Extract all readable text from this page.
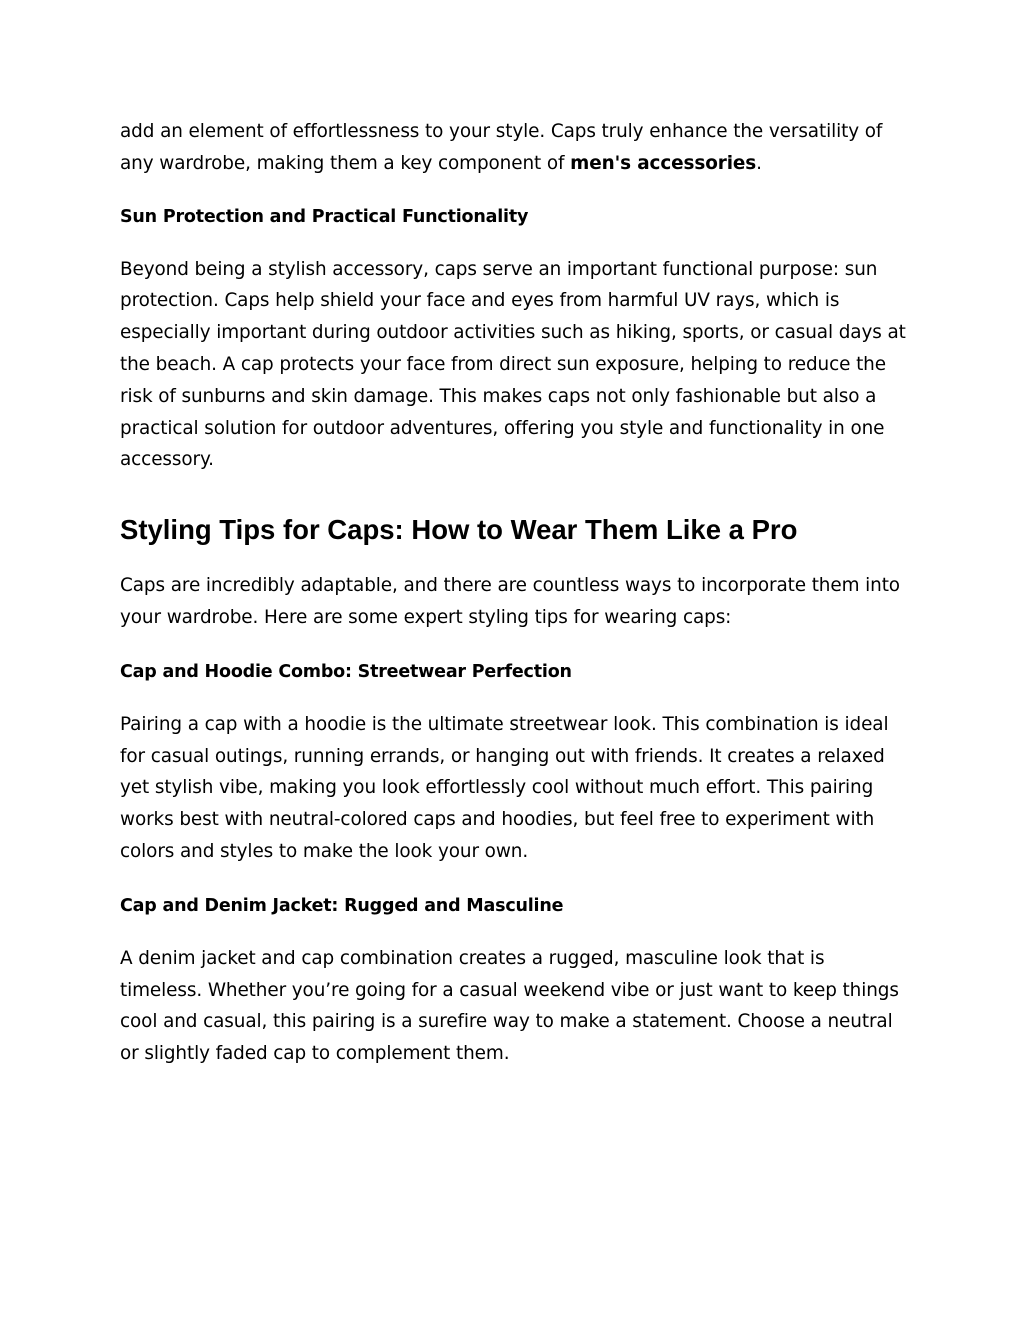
add an element of effortlessness to your style. Caps truly enhance the versatility of any wardrobe, making them a key component of men's accessories.

Sun Protection and Practical Functionality

Beyond being a stylish accessory, caps serve an important functional purpose: sun protection. Caps help shield your face and eyes from harmful UV rays, which is especially important during outdoor activities such as hiking, sports, or casual days at the beach. A cap protects your face from direct sun exposure, helping to reduce the risk of sunburns and skin damage. This makes caps not only fashionable but also a practical solution for outdoor adventures, offering you style and functionality in one accessory.

Styling Tips for Caps: How to Wear Them Like a Pro

Caps are incredibly adaptable, and there are countless ways to incorporate them into your wardrobe. Here are some expert styling tips for wearing caps:

Cap and Hoodie Combo: Streetwear Perfection

Pairing a cap with a hoodie is the ultimate streetwear look. This combination is ideal for casual outings, running errands, or hanging out with friends. It creates a relaxed yet stylish vibe, making you look effortlessly cool without much effort. This pairing works best with neutral-colored caps and hoodies, but feel free to experiment with colors and styles to make the look your own.

Cap and Denim Jacket: Rugged and Masculine

A denim jacket and cap combination creates a rugged, masculine look that is timeless. Whether you’re going for a casual weekend vibe or just want to keep things cool and casual, this pairing is a surefire way to make a statement. Choose a neutral or slightly faded cap to complement them.
